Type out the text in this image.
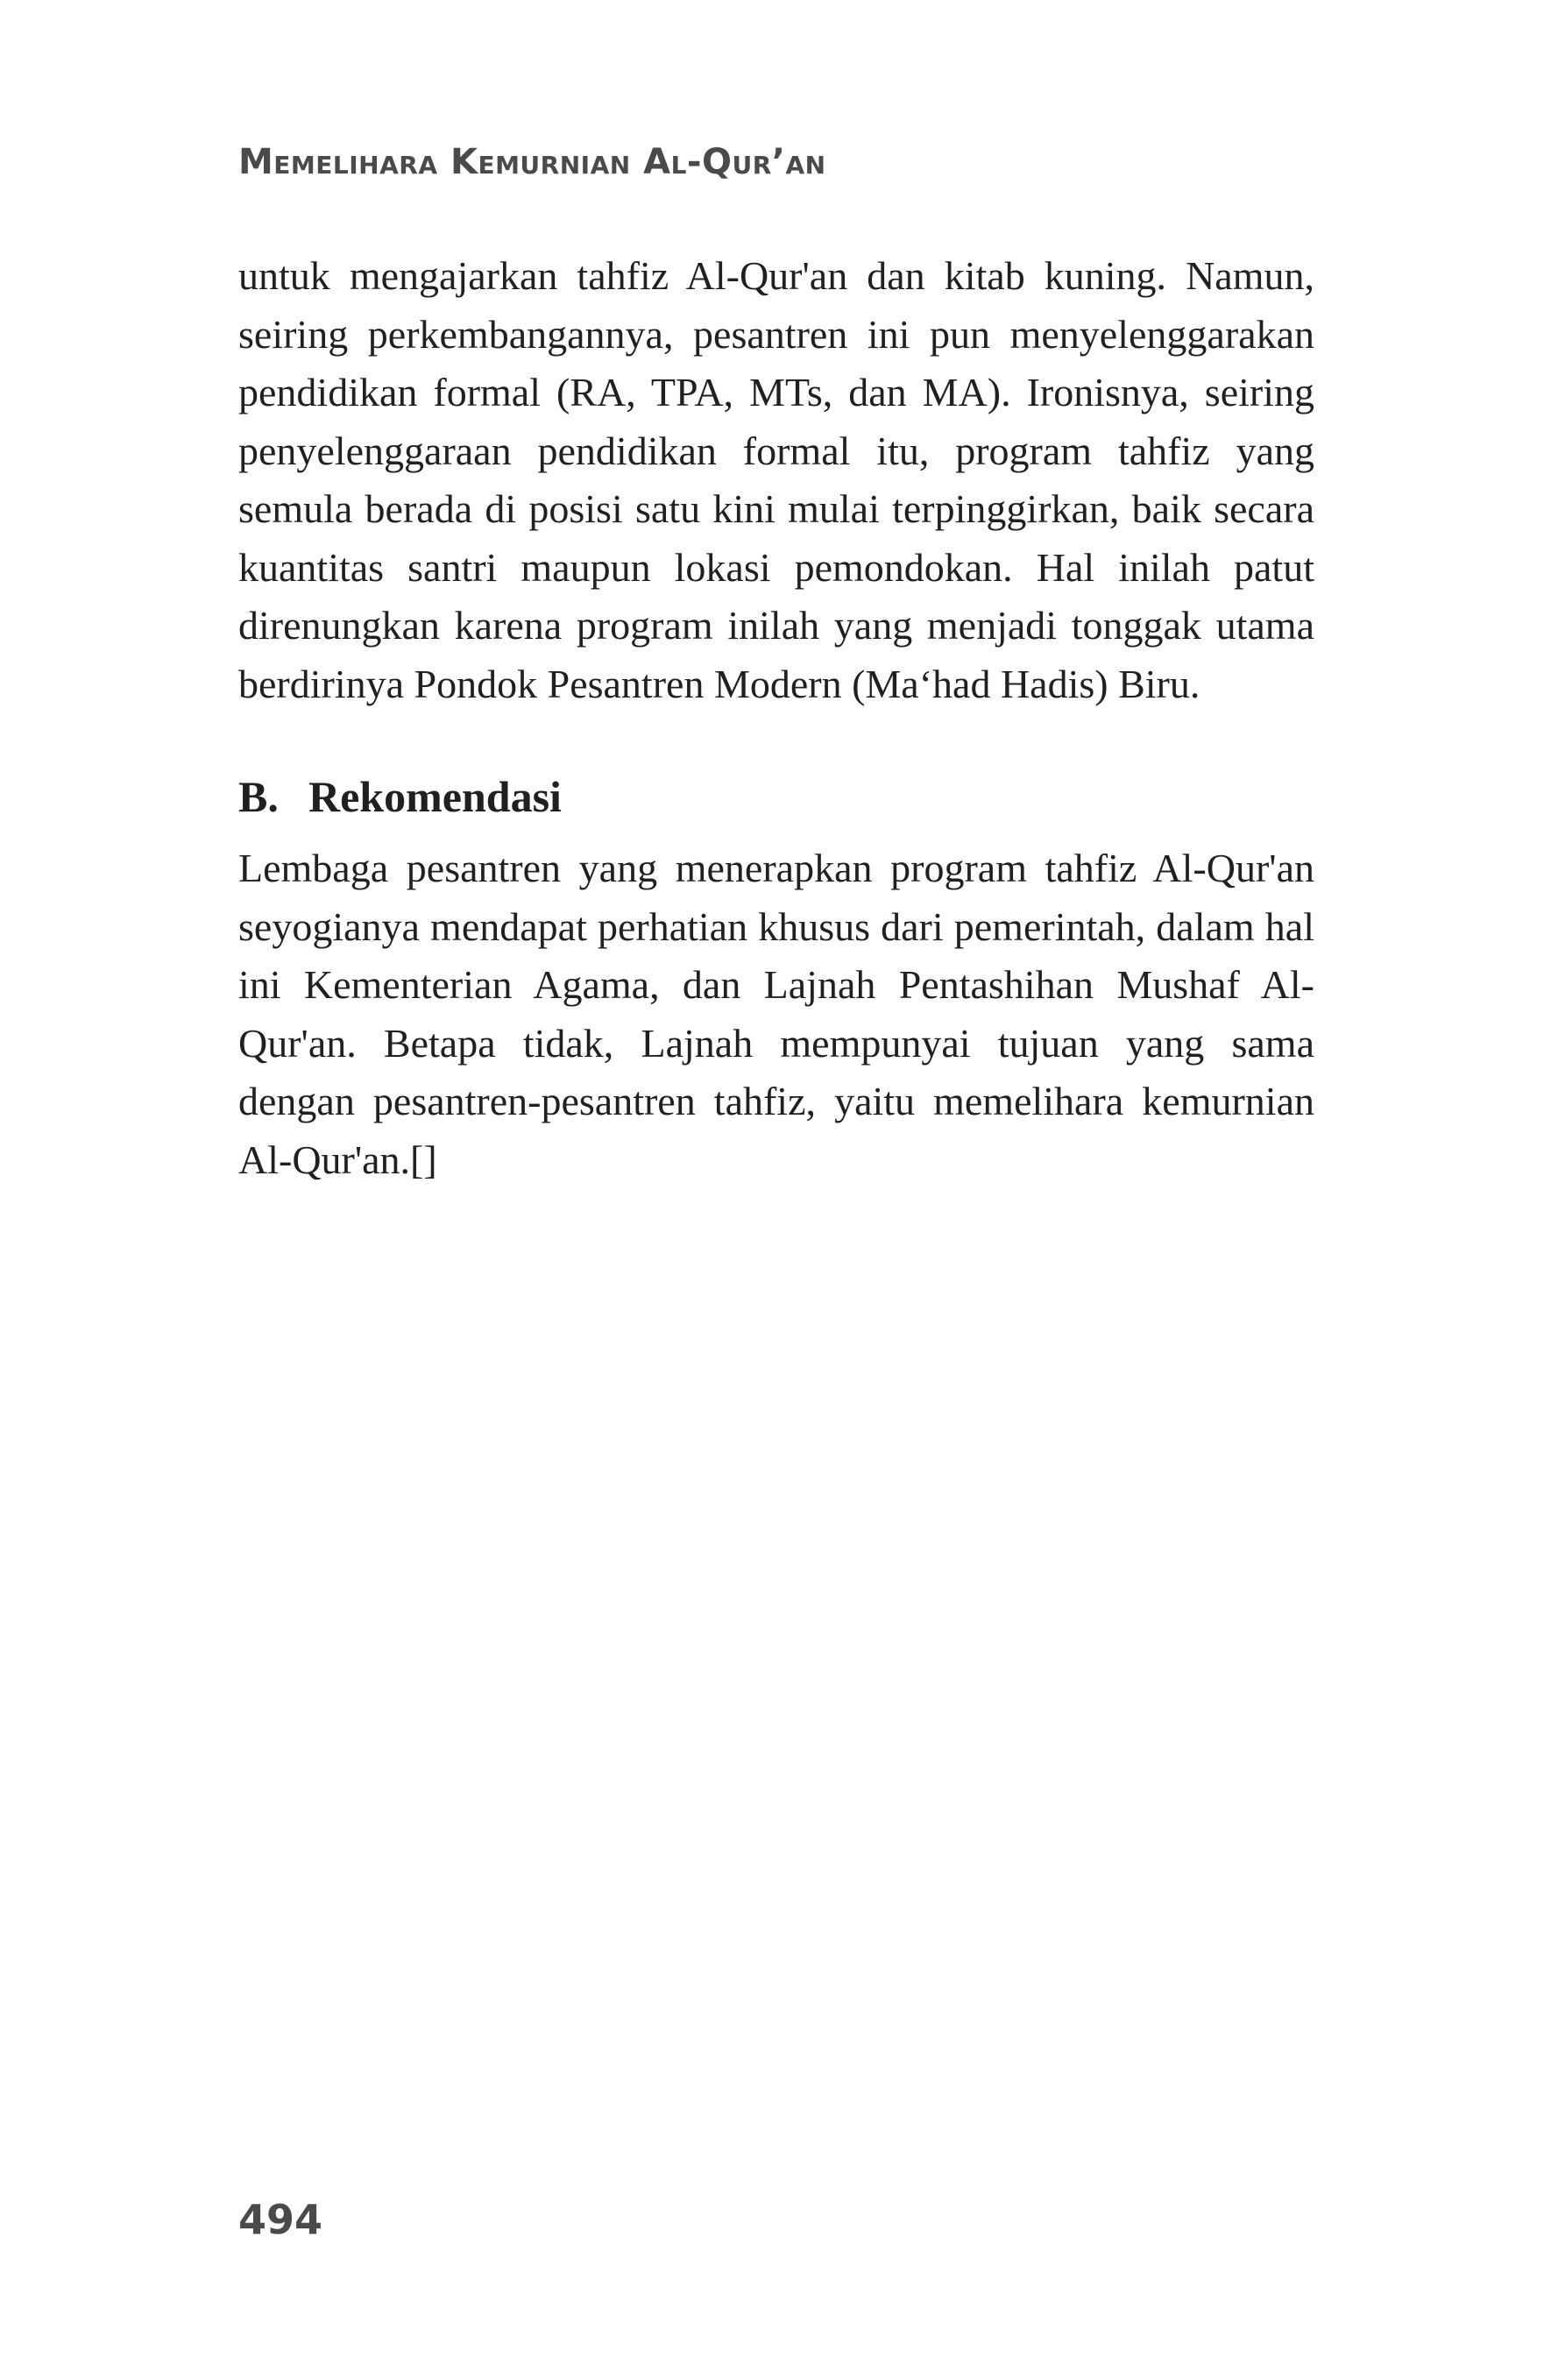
Memelihara Kemurnian Al-Qur’an

untuk mengajarkan tahfiz Al-Qur'an dan kitab kuning. Namun, seiring perkembangannya, pesantren ini pun menyelenggarakan pendidikan formal (RA, TPA, MTs, dan MA). Ironisnya, seiring penyelenggaraan pendidikan formal itu, program tahfiz yang semula berada di posisi satu kini mulai terpinggirkan, baik secara kuantitas santri maupun lokasi pemondokan. Hal inilah patut direnungkan karena program inilah yang menjadi tonggak utama berdirinya Pondok Pesantren Modern (Ma‘had Hadis) Biru.

B. Rekomendasi

Lembaga pesantren yang menerapkan program tahfiz Al-Qur'an seyogianya mendapat perhatian khusus dari pemerintah, dalam hal ini Kementerian Agama, dan Lajnah Pentashihan Mushaf Al-Qur'an. Betapa tidak, Lajnah mempunyai tujuan yang sama dengan pesantren-pesantren tahfiz, yaitu memelihara kemurnian Al-Qur'an.[]

494
